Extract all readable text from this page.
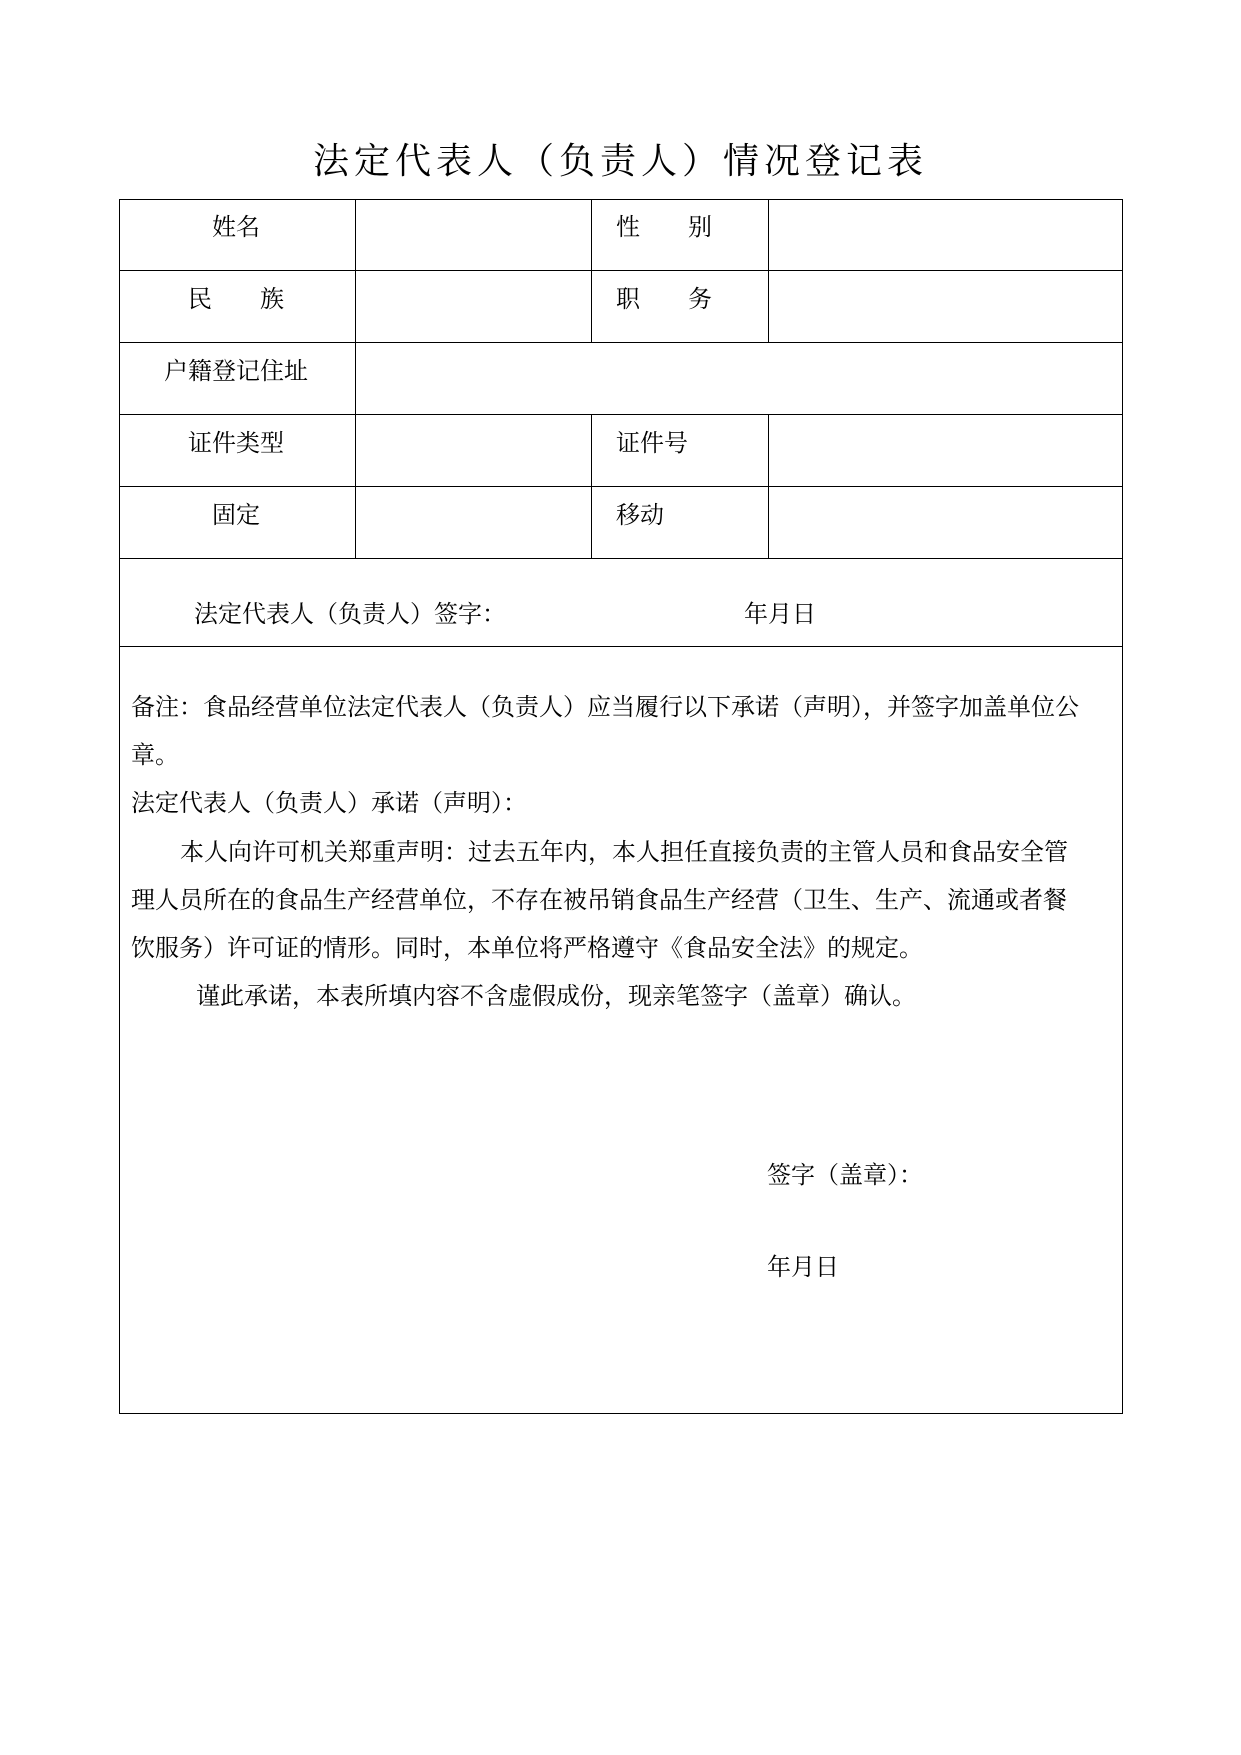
法定代表人（负责人）情况登记表
姓名	性　　别
民　　族	职　　务
户籍登记住址
证件类型	证件号
固定	移动
法定代表人（负责人）签字：	年月日
备注：食品经营单位法定代表人（负责人）应当履行以下承诺（声明），并签字加盖单位公
章。
法定代表人（负责人）承诺（声明）：
本人向许可机关郑重声明：过去五年内，本人担任直接负责的主管人员和食品安全管
理人员所在的食品生产经营单位，不存在被吊销食品生产经营（卫生、生产、流通或者餐
饮服务）许可证的情形。同时，本单位将严格遵守《食品安全法》的规定。
谨此承诺，本表所填内容不含虚假成份，现亲笔签字（盖章）确认。
签字（盖章）：
年月日
